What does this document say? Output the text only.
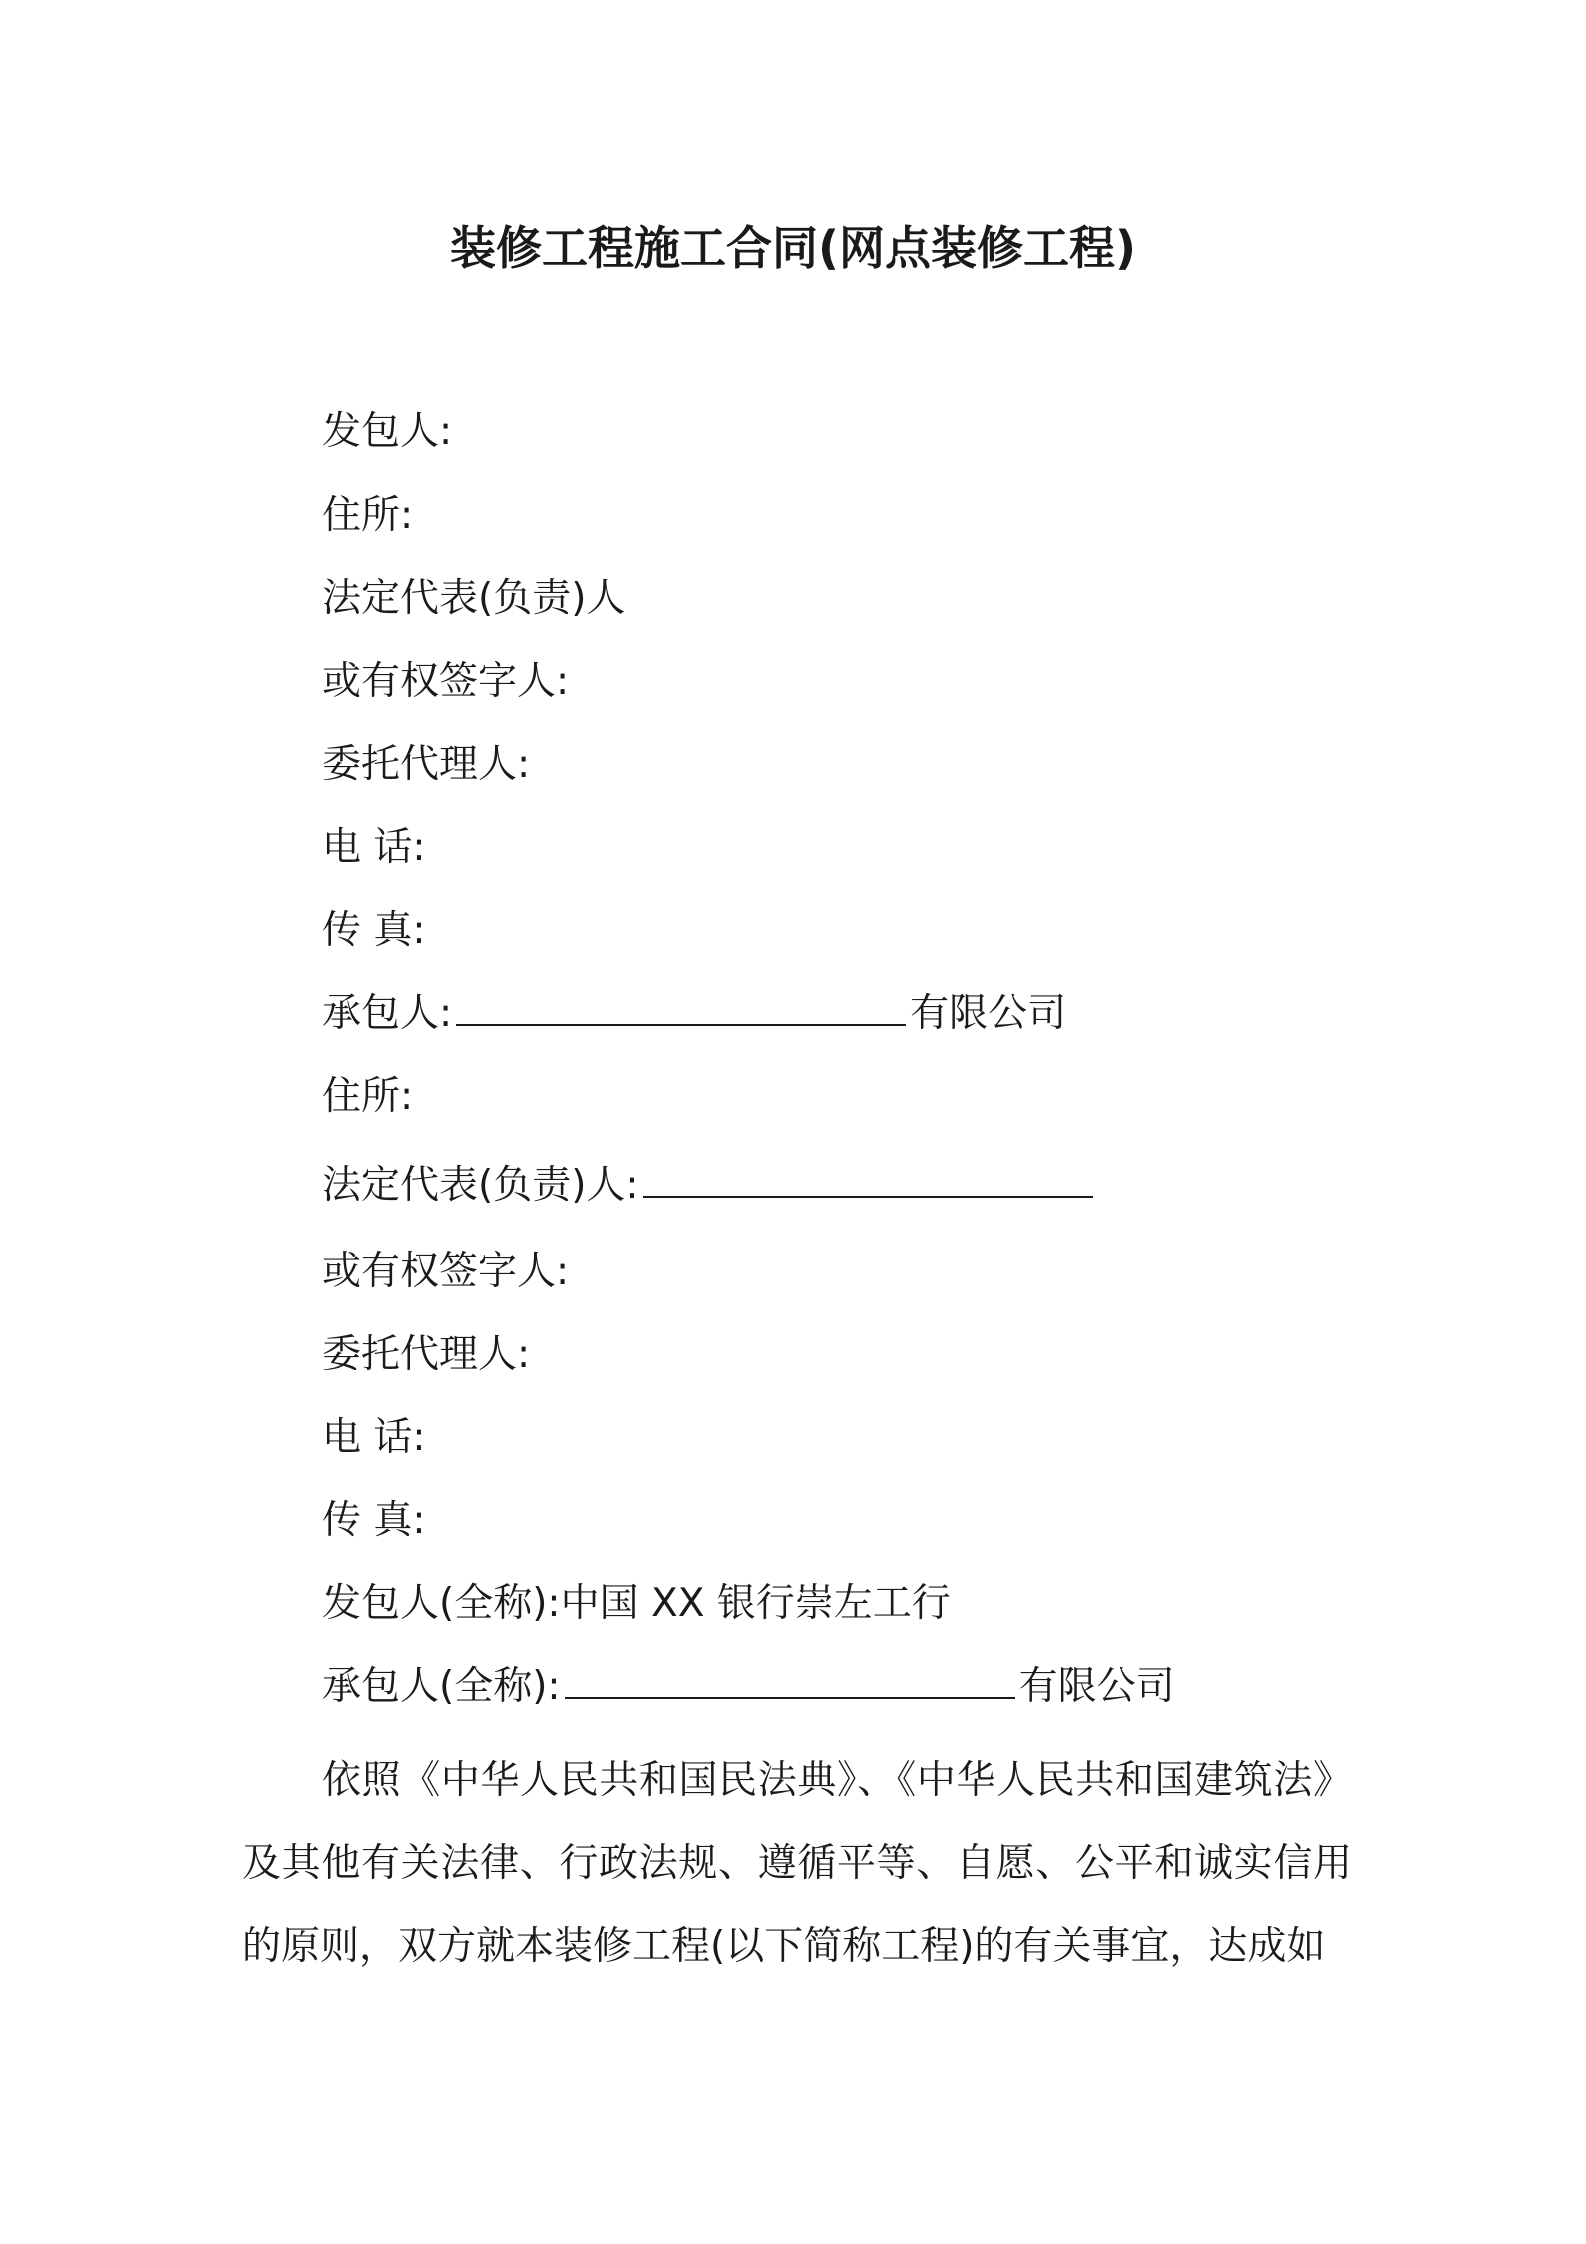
装修工程施工合同(网点装修工程)
发包人:
住所:
法定代表(负责)人
或有权签字人:
委托代理人:
电 话:
传 真:
承包人:	有限公司
住所:
法定代表(负责)人:
或有权签字人:
委托代理人:
电 话:
传 真:
发包人(全称):中国 XX 银行崇左工行
承包人(全称):	有限公司
依照《中华人民共和国民法典》、《中华人民共和国建筑法》及其他有关法律、行政法规、遵循平等、自愿、公平和诚实信用的原则，双方就本装修工程(以下简称工程)的有关事宜，达成如
